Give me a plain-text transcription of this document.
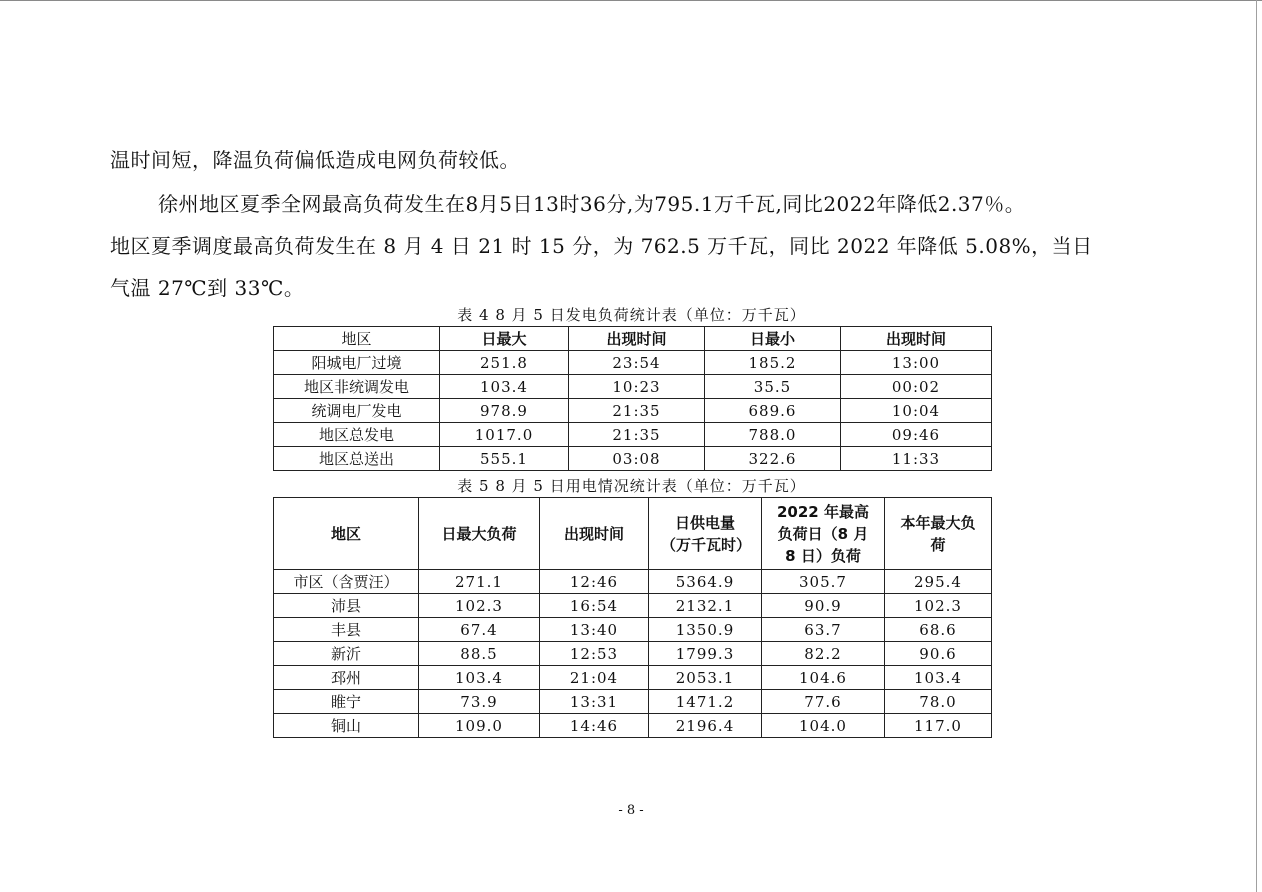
温时间短，降温负荷偏低造成电网负荷较低。
徐州地区夏季全网最高负荷发生在8月5日13时36分,为795.1万千瓦,同比2022年降低2.37％。
地区夏季调度最高负荷发生在 8 月 4 日 21 时 15 分，为 762.5 万千瓦，同比 2022 年降低 5.08%，当日
气温 27℃到 33℃。
表 4 8 月 5 日发电负荷统计表（单位：万千瓦）
地区	日最大	出现时间	日最小	出现时间
阳城电厂过境	251.8	23:54	185.2	13:00
地区非统调发电	103.4	10:23	35.5	00:02
统调电厂发电	978.9	21:35	689.6	10:04
地区总发电	1017.0	21:35	788.0	09:46
地区总送出	555.1	03:08	322.6	11:33
表 5 8 月 5 日用电情况统计表（单位：万千瓦）
地区	日最大负荷	出现时间	日供电量（万千瓦时）	2022 年最高负荷日（8 月 8 日）负荷	本年最大负荷
市区（含贾汪）	271.1	12:46	5364.9	305.7	295.4
沛县	102.3	16:54	2132.1	90.9	102.3
丰县	67.4	13:40	1350.9	63.7	68.6
新沂	88.5	12:53	1799.3	82.2	90.6
邳州	103.4	21:04	2053.1	104.6	103.4
睢宁	73.9	13:31	1471.2	77.6	78.0
铜山	109.0	14:46	2196.4	104.0	117.0
- 8 -
